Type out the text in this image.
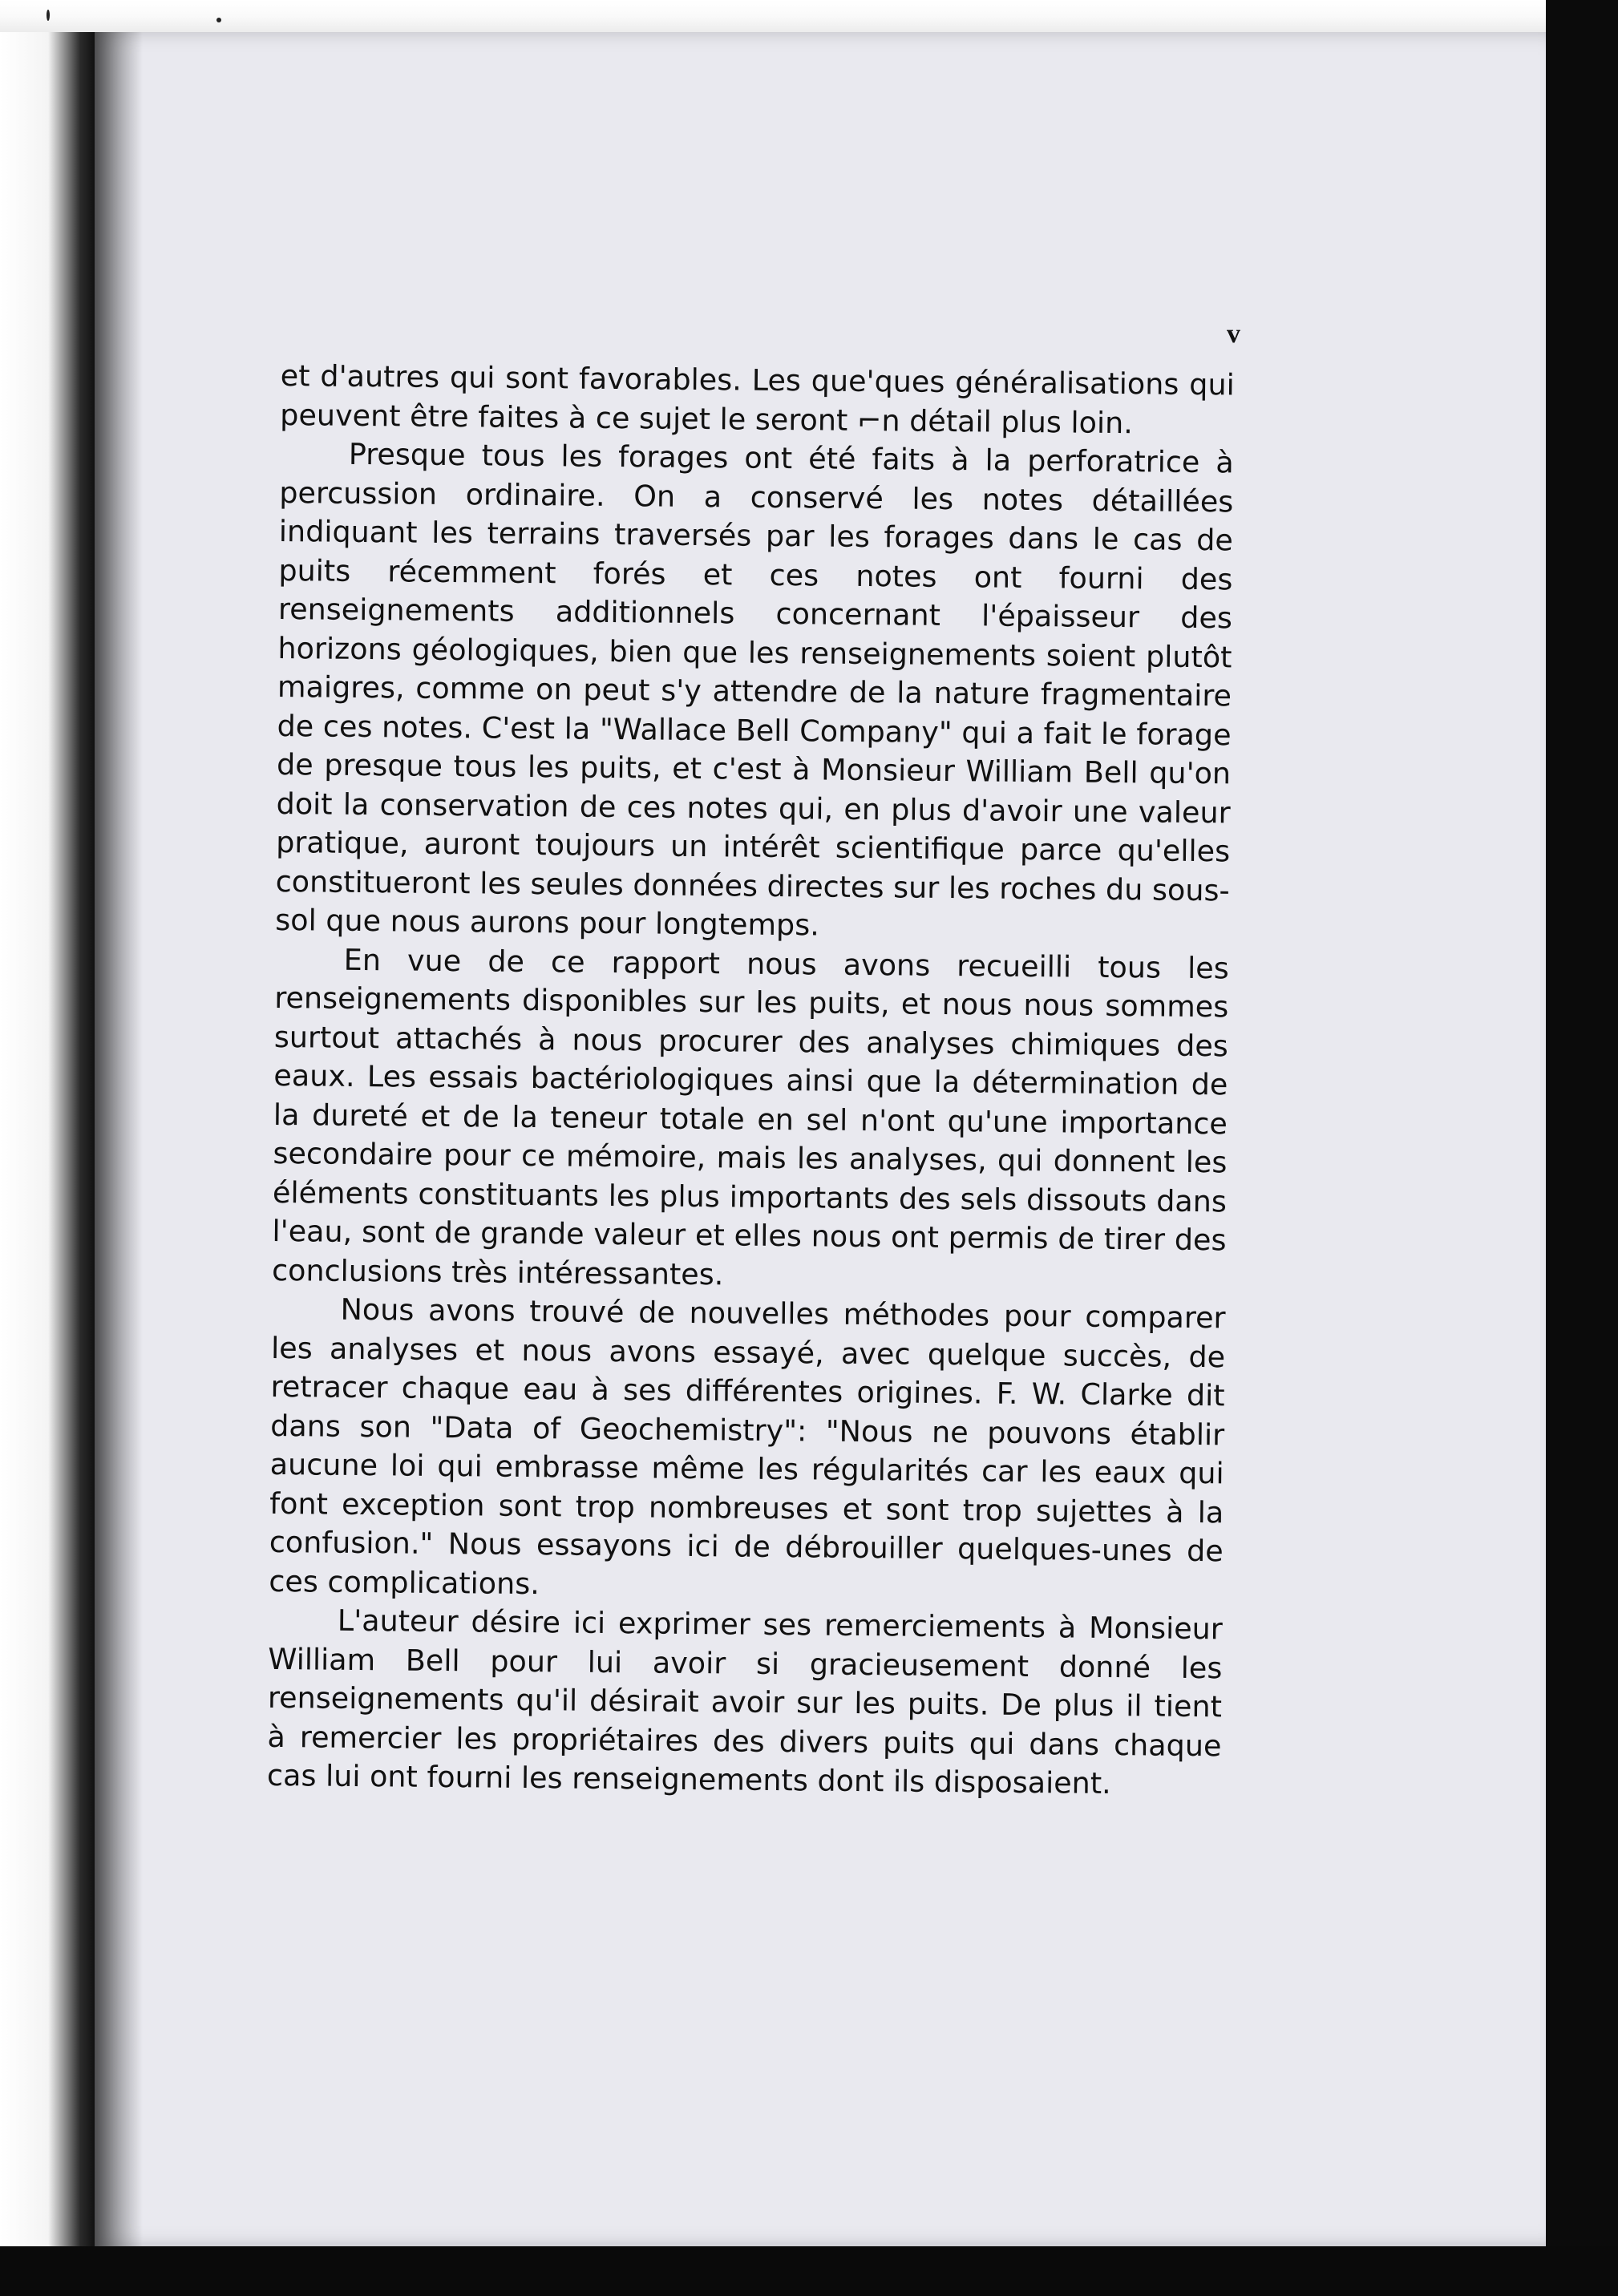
v

et d'autres qui sont favorables. Les que'ques généralisations qui peuvent être faites à ce sujet le seront ⌐n détail plus loin.

Presque tous les forages ont été faits à la perforatrice à percussion ordinaire. On a conservé les notes détaillées indiquant les terrains traversés par les forages dans le cas de puits récemment forés et ces notes ont fourni des renseignements additionnels concernant l'épaisseur des horizons géologiques, bien que les renseignements soient plutôt maigres, comme on peut s'y attendre de la nature fragmentaire de ces notes. C'est la "Wallace Bell Company" qui a fait le forage de presque tous les puits, et c'est à Monsieur William Bell qu'on doit la conservation de ces notes qui, en plus d'avoir une valeur pratique, auront toujours un intérêt scientifique parce qu'elles constitueront les seules données directes sur les roches du sous-sol que nous aurons pour longtemps.

En vue de ce rapport nous avons recueilli tous les renseignements disponibles sur les puits, et nous nous sommes surtout attachés à nous procurer des analyses chimiques des eaux. Les essais bactériologiques ainsi que la détermination de la dureté et de la teneur totale en sel n'ont qu'une importance secondaire pour ce mémoire, mais les analyses, qui donnent les éléments constituants les plus importants des sels dissouts dans l'eau, sont de grande valeur et elles nous ont permis de tirer des conclusions très intéressantes.

Nous avons trouvé de nouvelles méthodes pour comparer les analyses et nous avons essayé, avec quelque succès, de retracer chaque eau à ses différentes origines. F. W. Clarke dit dans son "Data of Geochemistry": "Nous ne pouvons établir aucune loi qui embrasse même les régularités car les eaux qui font exception sont trop nombreuses et sont trop sujettes à la confusion." Nous essayons ici de débrouiller quelques-unes de ces complications.

L'auteur désire ici exprimer ses remerciements à Monsieur William Bell pour lui avoir si gracieusement donné les renseignements qu'il désirait avoir sur les puits. De plus il tient à remercier les propriétaires des divers puits qui dans chaque cas lui ont fourni les renseignements dont ils disposaient.
